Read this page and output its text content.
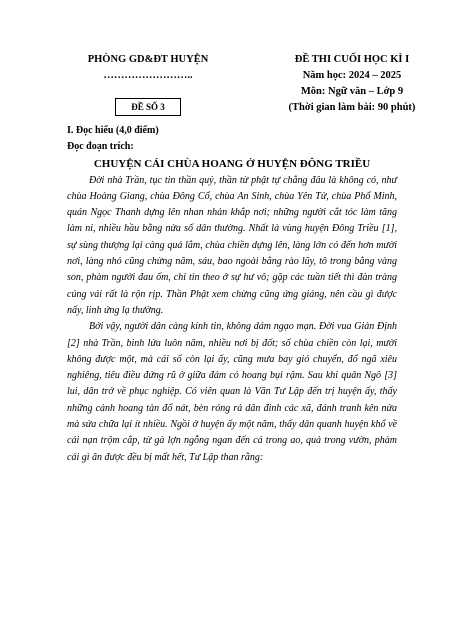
PHÒNG GD&ĐT HUYỆN
……………………..
ĐỀ SỐ 3
ĐỀ THI CUỐI HỌC KÌ I
Năm học: 2024 – 2025
Môn: Ngữ văn – Lớp 9
(Thời gian làm bài: 90 phút)

I. Đọc hiểu (4,0 điểm)

Đọc đoạn trích:

CHUYỆN CÁI CHÙA HOANG Ở HUYỆN ĐÔNG TRIỀU

Đời nhà Trần, tục tin thần quỷ, thần từ phật tự chẳng đâu là không có, như chùa Hoàng Giang, chùa Đông Cổ, chùa An Sinh, chùa Yên Tử, chùa Phổ Minh, quán Ngọc Thanh dựng lên nhan nhản khắp nơi; những người cắt tóc làm tăng làm ni, nhiều hầu bằng nửa số dân thường. Nhất là vùng huyện Đông Triều [1], sự sùng thượng lại càng quá lắm, chùa chiền dựng lên, làng lớn có đến hơn mười nơi, làng nhỏ cũng chừng năm, sáu, bao ngoài bằng rào lũy, tô trong bằng vàng son, phàm người đau ốm, chỉ tin theo ở sự hư vô; gặp các tuần tiết thì đàn tràng cúng vái rất là rộn rịp. Thần Phật xem chừng cũng ứng giáng, nên cầu gì được nấy, linh ứng lạ thường.

Bởi vậy, người dân càng kính tin, không dám ngạo mạn. Đời vua Giản Định [2] nhà Trần, binh lửa luôn năm, nhiều nơi bị đốt; số chùa chiền còn lại, mười không được một, mà cái số còn lại ấy, cũng mưa bay gió chuyển, đổ ngã xiêu nghiêng, tiêu điều đứng rũ ở giữa đám cỏ hoang bụi rậm. Sau khi quân Ngô [3] lui, dân trở về phục nghiệp. Có viên quan là Văn Tư Lập đến trị huyện ấy, thấy những cảnh hoang tàn đổ nát, bèn róng rả dân đinh các xã, đánh tranh kên nửa mà sửa chữa lại ít nhiều. Ngồi ở huyện ấy một năm, thấy dân quanh huyện khổ về cái nạn trộm cắp, từ gà lợn ngỗng ngan đến cả trong ao, quả trong vườn, phàm cái gì ăn được đều bị mất hết, Tư Lập than rằng:
